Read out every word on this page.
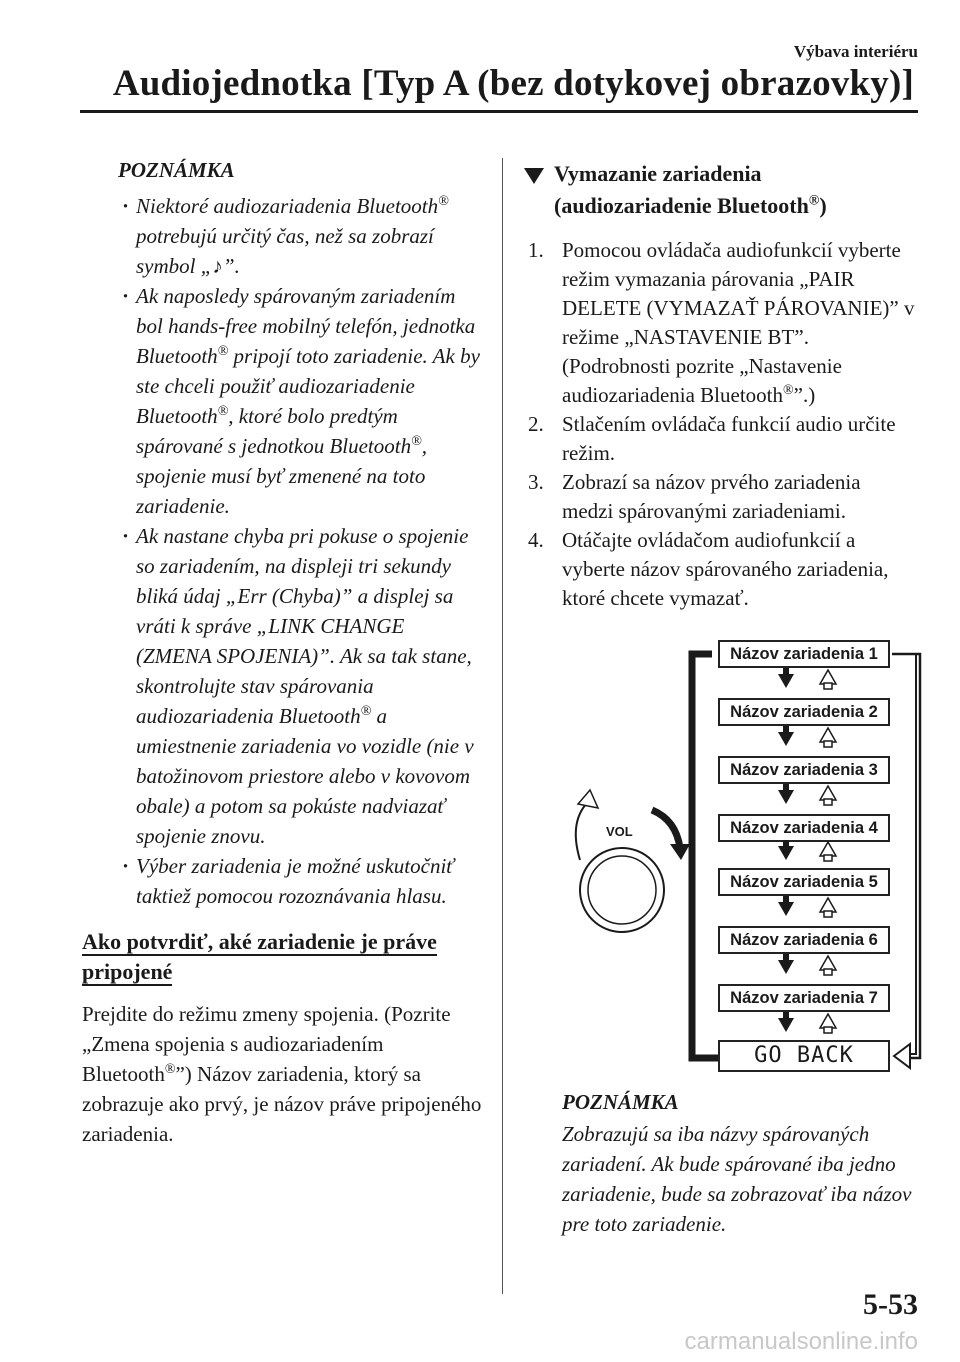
Výbava interiéru
Audiojednotka [Typ A (bez dotykovej obrazovky)]
POZNÁMKA
· Niektoré audiozariadenia Bluetooth® potrebujú určitý čas, než sa zobrazí symbol „♪”.
· Ak naposledy spárovaným zariadením bol hands-free mobilný telefón, jednotka Bluetooth® pripojí toto zariadenie. Ak by ste chceli použiť audiozariadenie Bluetooth®, ktoré bolo predtým spárované s jednotkou Bluetooth®, spojenie musí byť zmenené na toto zariadenie.
· Ak nastane chyba pri pokuse o spojenie so zariadením, na displeji tri sekundy bliká údaj „Err (Chyba)” a displej sa vráti k správe „LINK CHANGE (ZMENA SPOJENIA)”. Ak sa tak stane, skontrolujte stav spárovania audiozariadenia Bluetooth® a umiestnenie zariadenia vo vozidle (nie v batožinovom priestore alebo v kovovom obale) a potom sa pokúste nadviazať spojenie znovu.
· Výber zariadenia je možné uskutočniť taktiež pomocou rozoznávania hlasu.
Ako potvrdiť, aké zariadenie je práve pripojené
Prejdite do režimu zmeny spojenia. (Pozrite „Zmena spojenia s audiozariadením Bluetooth®”) Názov zariadenia, ktorý sa zobrazuje ako prvý, je názov práve pripojeného zariadenia.
Vymazanie zariadenia (audiozariadenie Bluetooth®)
1. Pomocou ovládača audiofunkcií vyberte režim vymazania párovania „PAIR DELETE (VYMAZAŤ PÁROVANIE)” v režime „NASTAVENIE BT”. (Podrobnosti pozrite „Nastavenie audiozariadenia Bluetooth®”.)
2. Stlačením ovládača funkcií audio určite režim.
3. Zobrazí sa názov prvého zariadenia medzi spárovanými zariadeniami.
4. Otáčajte ovládačom audiofunkcií a vyberte názov spárovaného zariadenia, ktoré chcete vymazať.
VOL
Názov zariadenia 1
Názov zariadenia 2
Názov zariadenia 3
Názov zariadenia 4
Názov zariadenia 5
Názov zariadenia 6
Názov zariadenia 7
GO BACK
POZNÁMKA
Zobrazujú sa iba názvy spárovaných zariadení. Ak bude spárované iba jedno zariadenie, bude sa zobrazovať iba názov pre toto zariadenie.
5-53
carmanualsonline.info
